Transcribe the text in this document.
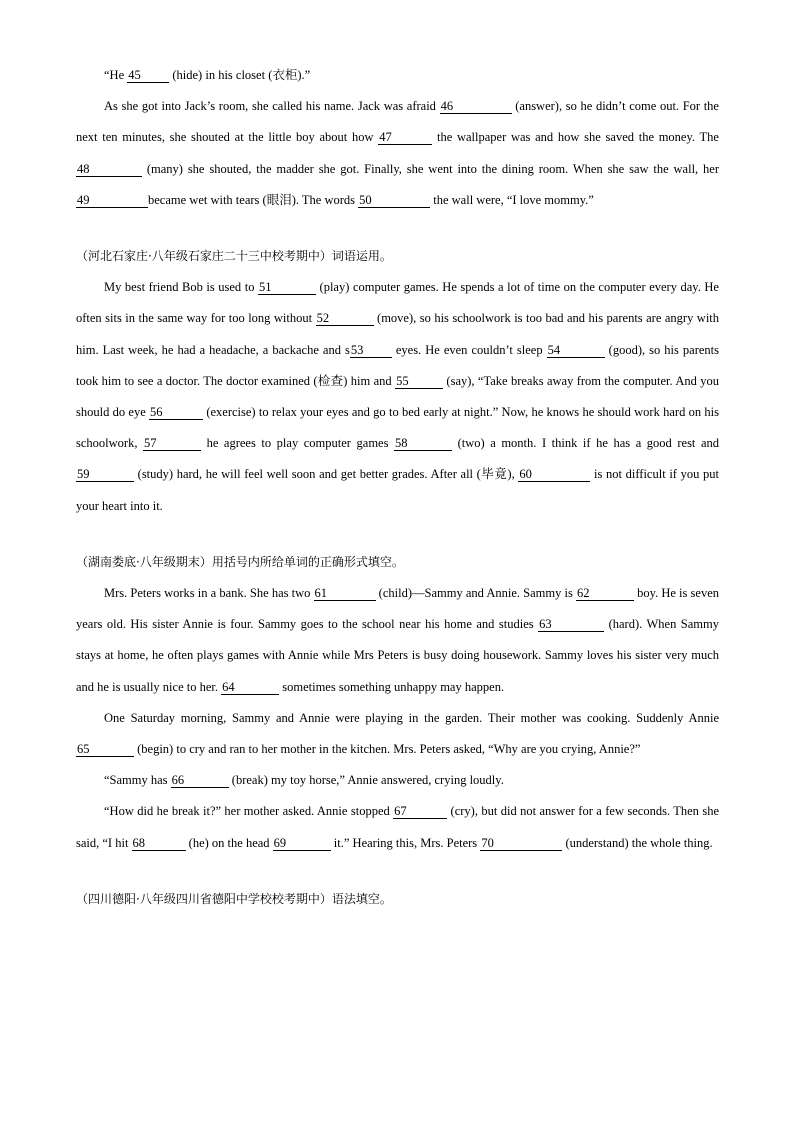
“He 45 (hide) in his closet (衣柜).”

As she got into Jack’s room, she called his name. Jack was afraid 46	(answer), so he didn’t come out. For the next ten minutes, she shouted at the little boy about how 47	the wallpaper was and how she saved the money. The 48	(many) she shouted, the madder she got. Finally, she went into the dining room. When she saw the wall, her 49	became wet with tears (眼泪). The words 50	the wall were, “I love mommy.”

（河北石家庄·八年级石家庄二十三中校考期中）词语运用。

My best friend Bob is used to 51	(play) computer games. He spends a lot of time on the computer every day. He often sits in the same way for too long without 52	(move), so his schoolwork is too bad and his parents are angry with him. Last week, he had a headache, a backache and s53 eyes. He even couldn’t sleep 54	(good), so his parents took him to see a doctor. The doctor examined (检查) him and 55	(say), “Take breaks away from the computer. And you should do eye 56	(exercise) to relax your eyes and go to bed early at night.” Now, he knows he should work hard on his schoolwork, 57	he agrees to play computer games 58	(two) a month. I think if he has a good rest and 59	(study) hard, he will feel well soon and get better grades. After all (毕竟), 60	is not difficult if you put your heart into it.

（湖南娄底·八年级期末）用括号内所给单词的正确形式填空。

Mrs. Peters works in a bank. She has two 61	(child)—Sammy and Annie. Sammy is 62	boy. He is seven years old. His sister Annie is four. Sammy goes to the school near his home and studies 63	(hard). When Sammy stays at home, he often plays games with Annie while Mrs Peters is busy doing housework. Sammy loves his sister very much and he is usually nice to her. 64	sometimes something unhappy may happen.

One Saturday morning, Sammy and Annie were playing in the garden. Their mother was cooking. Suddenly Annie 65	(begin) to cry and ran to her mother in the kitchen. Mrs. Peters asked, “Why are you crying, Annie?”

“Sammy has 66	(break) my toy horse,” Annie answered, crying loudly.

“How did he break it?” her mother asked. Annie stopped 67	(cry), but did not answer for a few seconds. Then she said, “I hit 68	(he) on the head 69	it.” Hearing this, Mrs. Peters 70	(understand) the whole thing.

（四川德阳·八年级四川省德阳中学校校考期中）语法填空。
